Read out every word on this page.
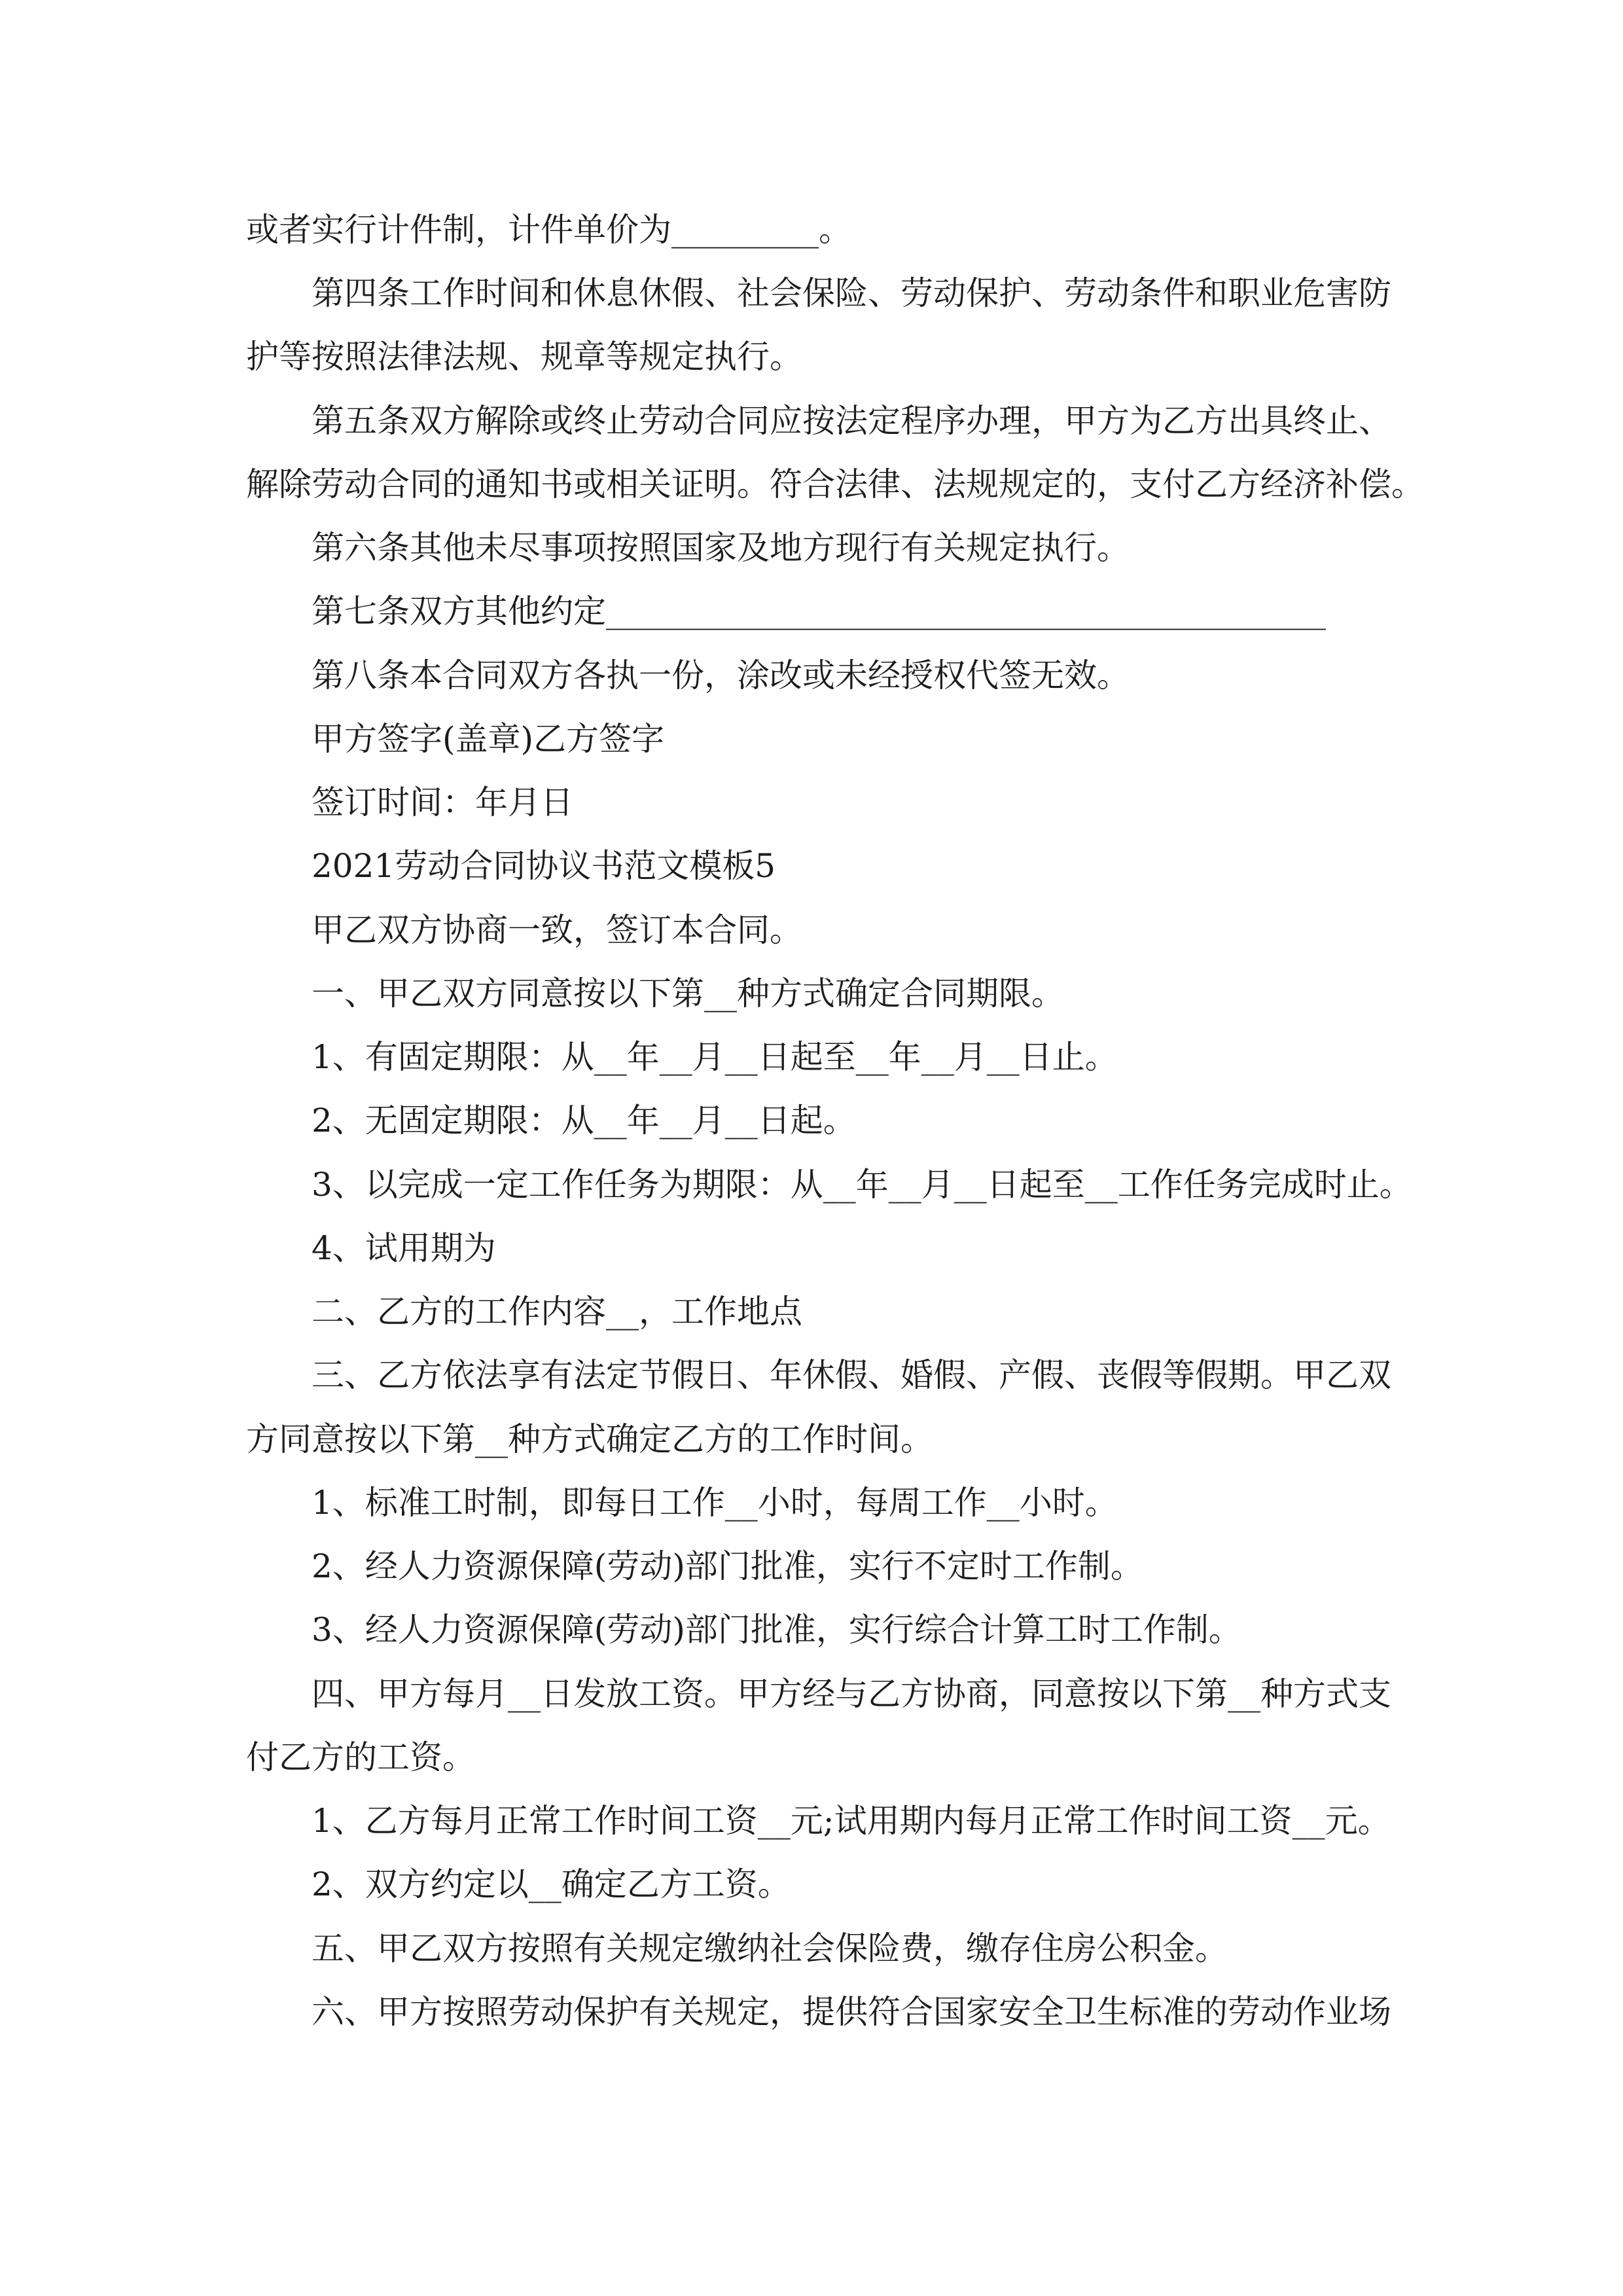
或者实行计件制，计件单价为_________。
第四条工作时间和休息休假、社会保险、劳动保护、劳动条件和职业危害防
护等按照法律法规、规章等规定执行。
第五条双方解除或终止劳动合同应按法定程序办理，甲方为乙方出具终止、
解除劳动合同的通知书或相关证明。符合法律、法规规定的，支付乙方经济补偿。
第六条其他未尽事项按照国家及地方现行有关规定执行。
第七条双方其他约定____________________________________________
第八条本合同双方各执一份，涂改或未经授权代签无效。
甲方签字(盖章)乙方签字
签订时间：年月日
2021劳动合同协议书范文模板5
甲乙双方协商一致，签订本合同。
一、甲乙双方同意按以下第__种方式确定合同期限。
1、有固定期限：从__年__月__日起至__年__月__日止。
2、无固定期限：从__年__月__日起。
3、以完成一定工作任务为期限：从__年__月__日起至__工作任务完成时止。
4、试用期为
二、乙方的工作内容__，工作地点
三、乙方依法享有法定节假日、年休假、婚假、产假、丧假等假期。甲乙双
方同意按以下第__种方式确定乙方的工作时间。
1、标准工时制，即每日工作__小时，每周工作__小时。
2、经人力资源保障(劳动)部门批准，实行不定时工作制。
3、经人力资源保障(劳动)部门批准，实行综合计算工时工作制。
四、甲方每月__日发放工资。甲方经与乙方协商，同意按以下第__种方式支
付乙方的工资。
1、乙方每月正常工作时间工资__元;试用期内每月正常工作时间工资__元。
2、双方约定以__确定乙方工资。
五、甲乙双方按照有关规定缴纳社会保险费，缴存住房公积金。
六、甲方按照劳动保护有关规定，提供符合国家安全卫生标准的劳动作业场
